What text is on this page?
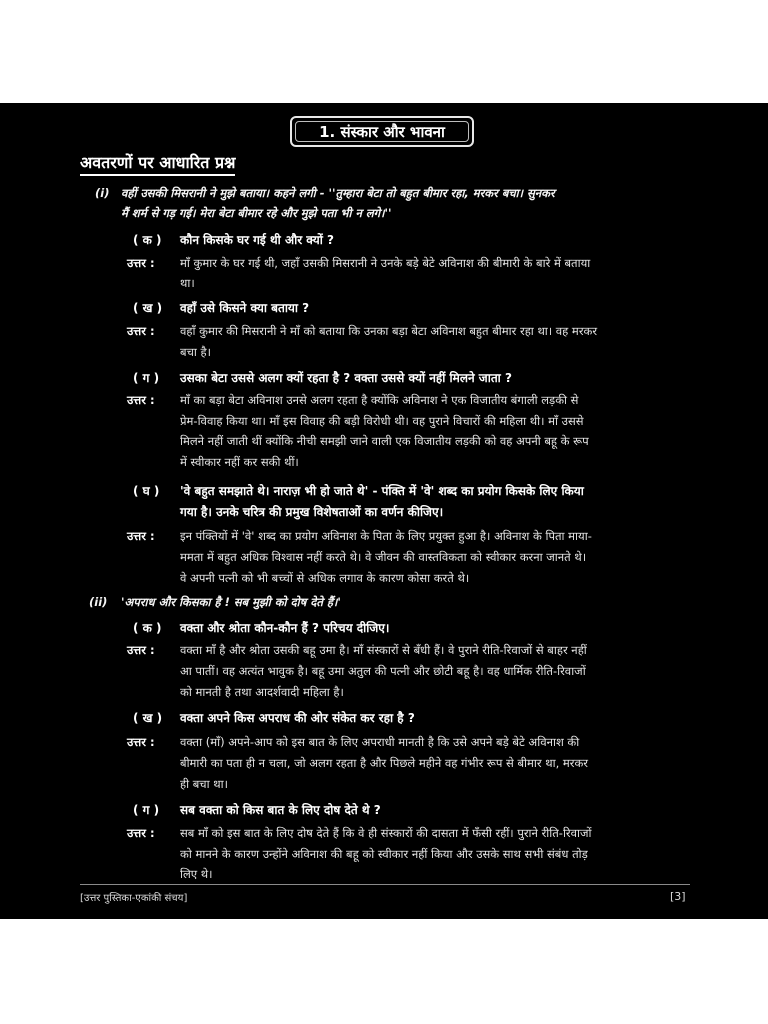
1. संस्कार और भावना
अवतरणों पर आधारित प्रश्न
(i) वहीं उसकी मिसरानी ने मुझे बताया। कहने लगी - ''तुम्हारा बेटा तो बहुत बीमार रहा, मरकर बचा। सुनकर
मैं शर्म से गड़ गई। मेरा बेटा बीमार रहे और मुझे पता भी न लगे।''
( क ) कौन किसके घर गई थी और क्यों ?
उत्तर : माँ कुमार के घर गई थी, जहाँ उसकी मिसरानी ने उनके बड़े बेटे अविनाश की बीमारी के बारे में बताया
था।
( ख ) वहाँ उसे किसने क्या बताया ?
उत्तर : वहाँ कुमार की मिसरानी ने माँ को बताया कि उनका बड़ा बेटा अविनाश बहुत बीमार रहा था। वह मरकर
बचा है।
( ग ) उसका बेटा उससे अलग क्यों रहता है ? वक्ता उससे क्यों नहीं मिलने जाता ?
उत्तर : माँ का बड़ा बेटा अविनाश उनसे अलग रहता है क्योंकि अविनाश ने एक विजातीय बंगाली लड़की से
प्रेम-विवाह किया था। माँ इस विवाह की बड़ी विरोधी थी। वह पुराने विचारों की महिला थी। माँ उससे
मिलने नहीं जाती थीं क्योंकि नीची समझी जाने वाली एक विजातीय लड़की को वह अपनी बहू के रूप
में स्वीकार नहीं कर सकी थीं।
( घ ) 'वे बहुत समझाते थे। नाराज़ भी हो जाते थे' - पंक्ति में 'वे' शब्द का प्रयोग किसके लिए किया
गया है। उनके चरित्र की प्रमुख विशेषताओं का वर्णन कीजिए।
उत्तर : इन पंक्तियों में 'वे' शब्द का प्रयोग अविनाश के पिता के लिए प्रयुक्त हुआ है। अविनाश के पिता माया-
ममता में बहुत अधिक विश्वास नहीं करते थे। वे जीवन की वास्तविकता को स्वीकार करना जानते थे।
वे अपनी पत्नी को भी बच्चों से अधिक लगाव के कारण कोसा करते थे।
(ii) 'अपराध और किसका है ! सब मुझी को दोष देते हैं।'
( क ) वक्ता और श्रोता कौन-कौन हैं ? परिचय दीजिए।
उत्तर : वक्ता माँ है और श्रोता उसकी बहू उमा है। माँ संस्कारों से बँधी हैं। वे पुराने रीति-रिवाजों से बाहर नहीं
आ पातीं। वह अत्यंत भावुक है। बहू उमा अतुल की पत्नी और छोटी बहू है। वह धार्मिक रीति-रिवाजों
को मानती है तथा आदर्शवादी महिला है।
( ख ) वक्ता अपने किस अपराध की ओर संकेत कर रहा है ?
उत्तर : वक्ता (माँ) अपने-आप को इस बात के लिए अपराधी मानती है कि उसे अपने बड़े बेटे अविनाश की
बीमारी का पता ही न चला, जो अलग रहता है और पिछले महीने वह गंभीर रूप से बीमार था, मरकर
ही बचा था।
( ग ) सब वक्ता को किस बात के लिए दोष देते थे ?
उत्तर : सब माँ को इस बात के लिए दोष देते हैं कि वे ही संस्कारों की दासता में फँसी रहीं। पुराने रीति-रिवाजों
को मानने के कारण उन्होंने अविनाश की बहू को स्वीकार नहीं किया और उसके साथ सभी संबंध तोड़
लिए थे।
[उत्तर पुस्तिका-एकांकी संचय]	[3]
